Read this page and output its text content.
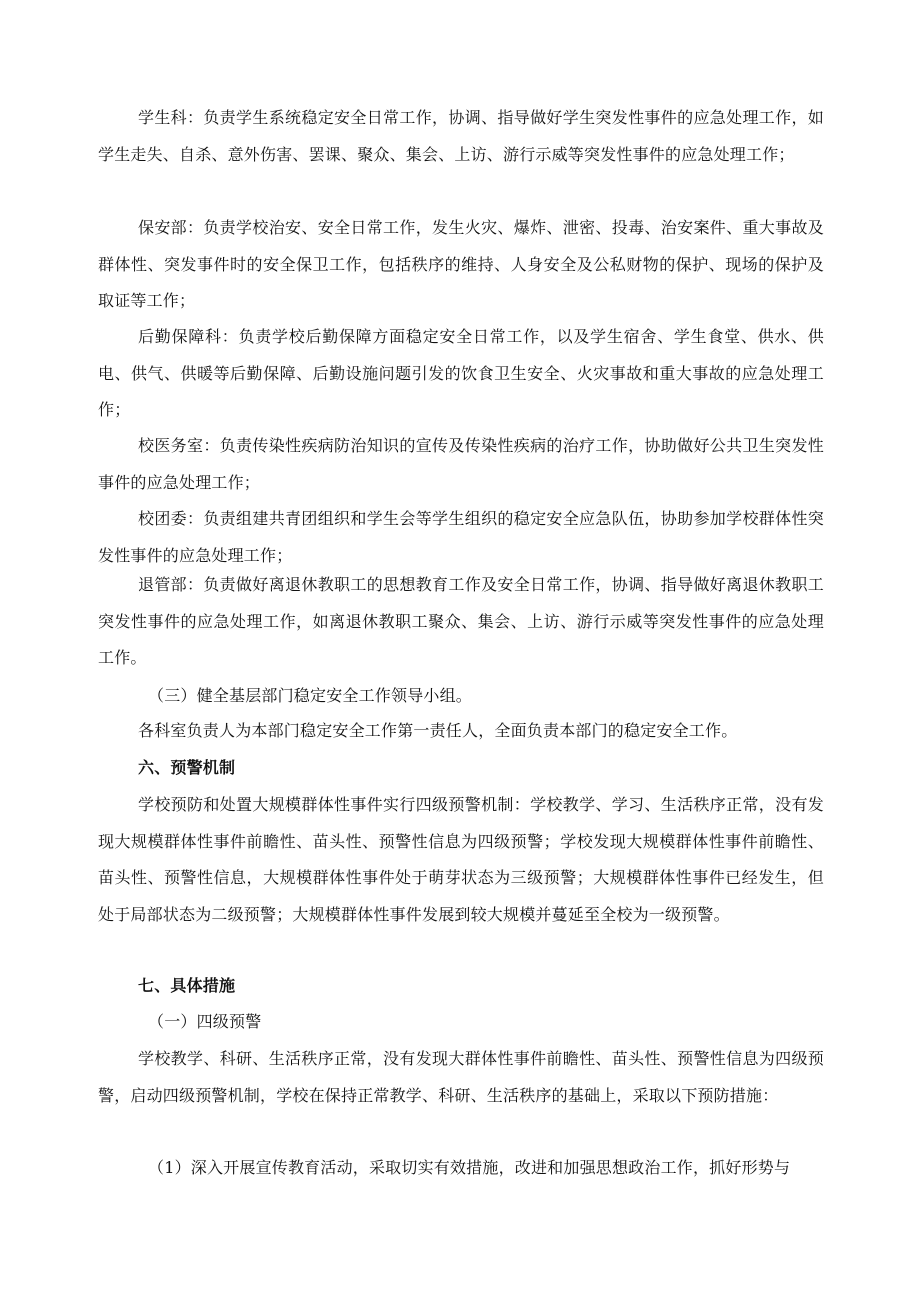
学生科：负责学生系统稳定安全日常工作，协调、指导做好学生突发性事件的应急处理工作，如学生走失、自杀、意外伤害、罢课、聚众、集会、上访、游行示威等突发性事件的应急处理工作；

保安部：负责学校治安、安全日常工作，发生火灾、爆炸、泄密、投毒、治安案件、重大事故及群体性、突发事件时的安全保卫工作，包括秩序的维持、人身安全及公私财物的保护、现场的保护及取证等工作；

后勤保障科：负责学校后勤保障方面稳定安全日常工作，以及学生宿舍、学生食堂、供水、供电、供气、供暖等后勤保障、后勤设施问题引发的饮食卫生安全、火灾事故和重大事故的应急处理工作；

校医务室：负责传染性疾病防治知识的宣传及传染性疾病的治疗工作，协助做好公共卫生突发性事件的应急处理工作；

校团委：负责组建共青团组织和学生会等学生组织的稳定安全应急队伍，协助参加学校群体性突发性事件的应急处理工作；

退管部：负责做好离退休教职工的思想教育工作及安全日常工作，协调、指导做好离退休教职工突发性事件的应急处理工作，如离退休教职工聚众、集会、上访、游行示威等突发性事件的应急处理工作。

（三）健全基层部门稳定安全工作领导小组。

各科室负责人为本部门稳定安全工作第一责任人，全面负责本部门的稳定安全工作。

六、预警机制

学校预防和处置大规模群体性事件实行四级预警机制：学校教学、学习、生活秩序正常，没有发现大规模群体性事件前瞻性、苗头性、预警性信息为四级预警；学校发现大规模群体性事件前瞻性、苗头性、预警性信息，大规模群体性事件处于萌芽状态为三级预警；大规模群体性事件已经发生，但处于局部状态为二级预警；大规模群体性事件发展到较大规模并蔓延至全校为一级预警。

七、具体措施

（一）四级预警

学校教学、科研、生活秩序正常，没有发现大群体性事件前瞻性、苗头性、预警性信息为四级预警，启动四级预警机制，学校在保持正常教学、科研、生活秩序的基础上，采取以下预防措施：

（1）深入开展宣传教育活动，采取切实有效措施，改进和加强思想政治工作，抓好形势与
